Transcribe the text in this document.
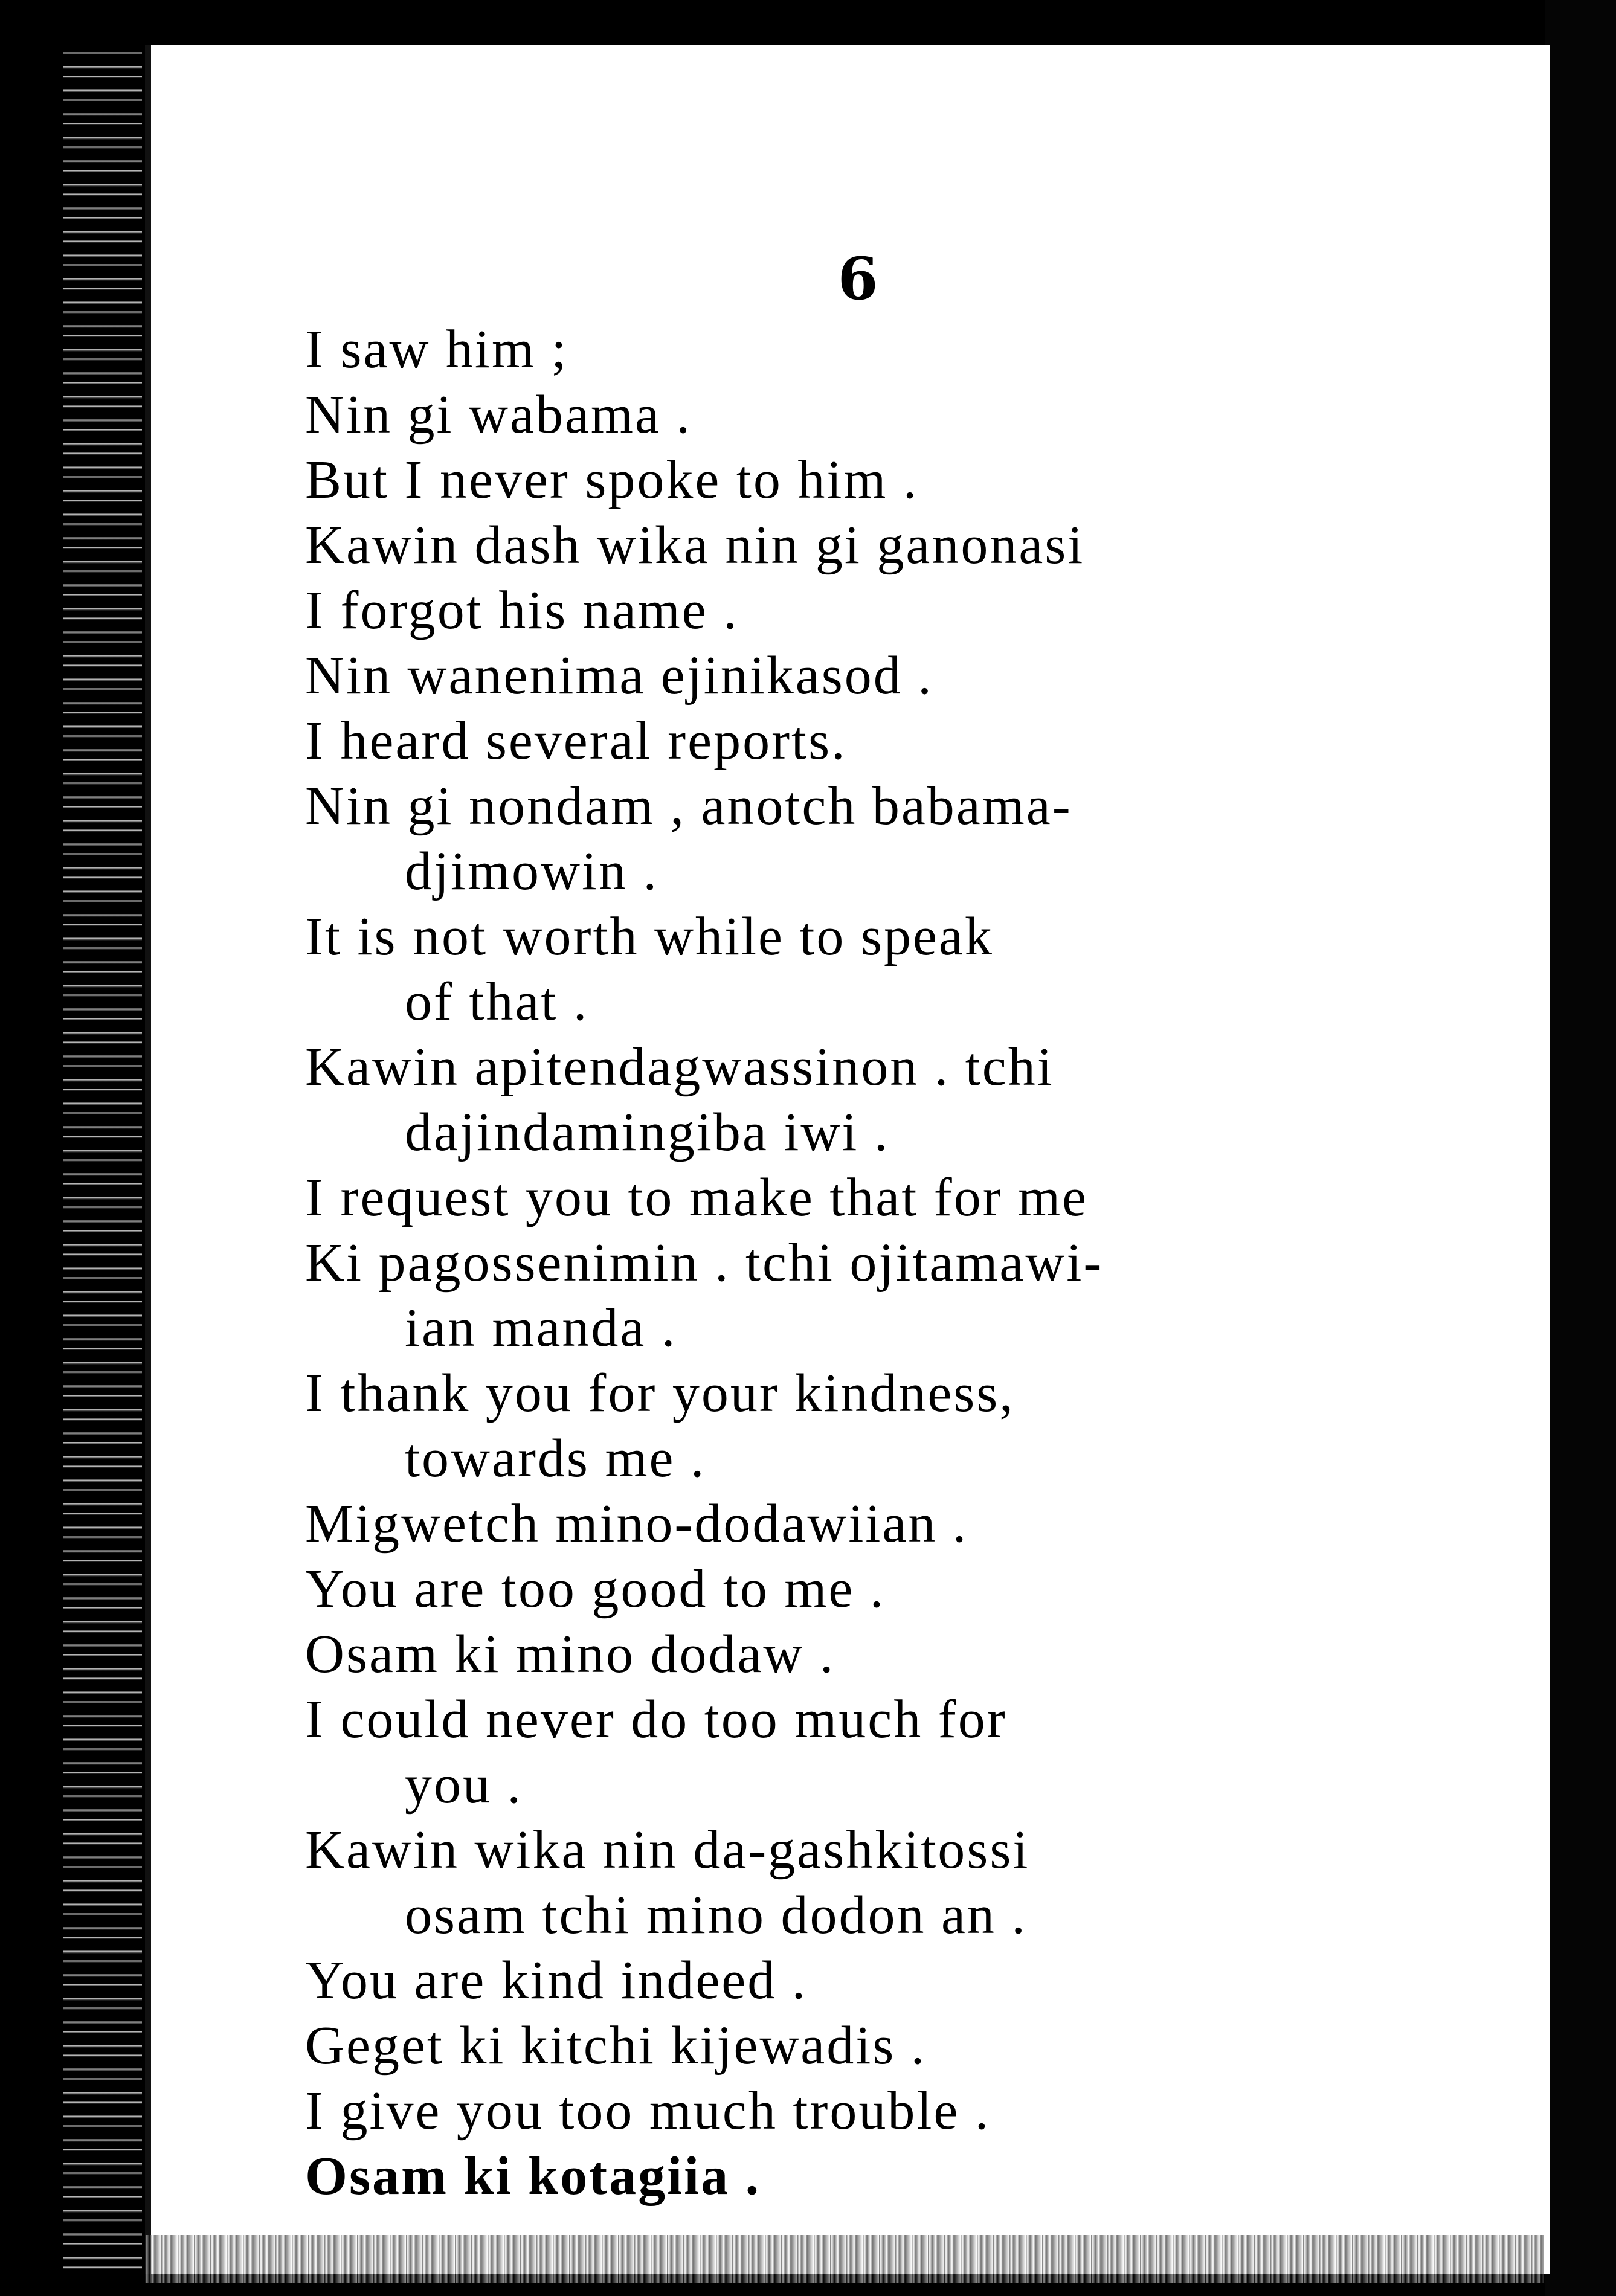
6
I saw him ;
Nin gi wabama .
But I never spoke to him .
Kawin dash wika nin gi ganonasi
I forgot his name .
Nin wanenima ejinikasod .
I heard several reports.
Nin gi nondam , anotch babama-
djimowin .
It is not worth while to speak
of that .
Kawin apitendagwassinon . tchi
dajindamingiba iwi .
I request you to make that for me
Ki pagossenimin . tchi ojitamawi-
ian manda .
I thank you for your kindness,
towards me .
Migwetch mino-dodawiian .
You are too good to me .
Osam ki mino dodaw .
I could never do too much for
you .
Kawin wika nin da-gashkitossi
osam tchi mino dodon an .
You are kind indeed .
Geget ki kitchi kijewadis .
I give you too much trouble .
Osam ki kotagiia .
